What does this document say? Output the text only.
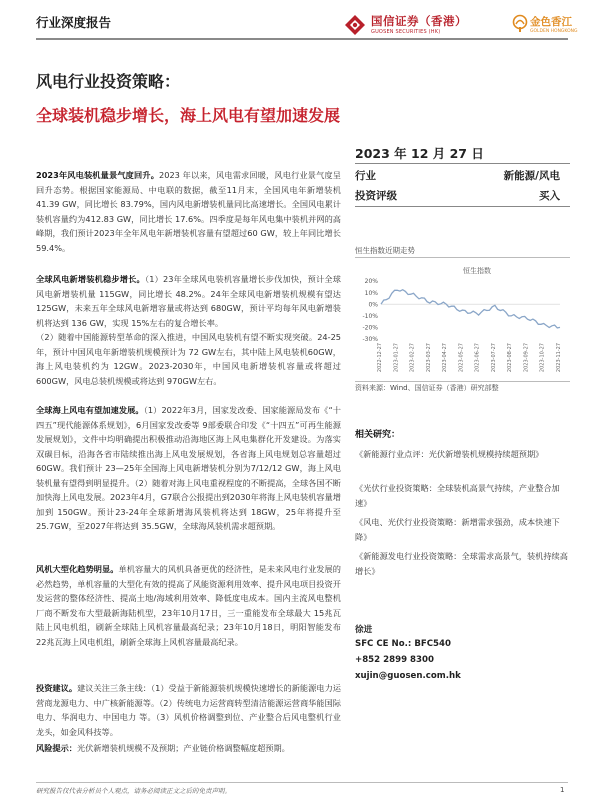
行业深度报告	国信证券（香港）
GUOSEN SECURITIES (HK)
金色香江
GOLDEN HONGKONG
风电行业投资策略：
全球装机稳步增长，海上风电有望加速发展

2023年风电装机量景气度回升。2023 年以来，风电需求回暖，风电行业景气度呈回升态势。根据国家能源局、中电联的数据，截至11月末，全国风电年新增装机41.39 GW，同比增长 83.79%，国内风电新增装机量同比高速增长。全国风电累计装机容量约为412.83 GW，同比增长 17.6%。四季度是每年风电集中装机并网的高峰期，我们预计2023年全年风电年新增装机容量有望超过60 GW，较上年同比增长 59.4%。

全球风电新增装机稳步增长。（1）23年全球风电装机容量增长步伐加快，预计全球风电新增装机量 115GW，同比增长 48.2%。24年全球风电新增装机规模有望达125GW，未来五年全球风电新增容量或将达到 680GW，预计平均每年风电新增装机将达到 136 GW，实现 15%左右的复合增长率。

（2）随着中国能源转型革命的深入推进，中国风电装机有望不断实现突破。24-25年，预计中国风电年新增装机规模预计为 72 GW左右，其中陆上风电装机60GW，海上风电装机约为 12GW。2023-2030年，中国风电新增装机容量或将超过 600GW，风电总装机规模或将达到 970GW左右。

全球海上风电有望加速发展。（1）2022年3月，国家发改委、国家能源局发布《“十四五”现代能源体系规划》，6月国家发改委等 9部委联合印发《“十四五”可再生能源发展规划》，文件中均明确提出积极推动沿海地区海上风电集群化开发建设。为落实双碳目标，沿海各省市陆续推出海上风电发展规划，各省海上风电规划总容量超过 60GW。我们预计 23—25年全国海上风电新增装机分别为7/12/12 GW，海上风电装机量有望得到明显提升。（2）随着对海上风电重视程度的不断提高，全球各国不断加快海上风电发展。2023年4月，G7联合公报提出到2030年将海上风电装机容量增加到 150GW。预计23-24年全球新增海风装机将达到 18GW，25年将提升至25.7GW，至2027年将达到 35.5GW，全球海风装机需求超预期。

风机大型化趋势明显。单机容量大的风机具备更优的经济性，是未来风电行业发展的必然趋势，单机容量的大型化有效的提高了风能资源利用效率、提升风电项目投资开发运营的整体经济性、提高土地/海域利用效率、降低度电成本。国内主流风电整机厂商不断发布大型最新海陆机型，23年10月17日，三一重能发布全球最大 15兆瓦陆上风电机组，刷新全球陆上风机容量最高纪录；23年10月18日，明阳智能发布 22兆瓦海上风电机组，刷新全球海上风机容量最高纪录。

投资建议。建议关注三条主线：（1）受益于新能源装机规模快速增长的新能源电力运营商龙源电力、中广核新能源等。（2）传统电力运营商转型清洁能源运营商华能国际电力、华润电力、中国电力 等。（3）风机价格调整到位、产业整合后风电整机行业龙头，如金风科技等。

风险提示：光伏新增装机规模不及预期；产业链价格调整幅度超预期。

2023 年 12 月 27 日
行业	新能源/风电
投资评级	买入
恒生指数近期走势
恒生指数
20%
10%
0%
-10%
-20%
-30%
2022-12-27 2023-01-27 2023-02-27 2023-03-27 2023-04-27 2023-05-27 2023-06-27 2023-07-27 2023-08-27 2023-09-27 2023-10-27 2023-11-27
资料来源：Wind、国信证券（香港）研究部整
相关研究：
《新能源行业点评：光伏新增装机规模持续超预期》
《光伏行业投资策略：全球装机高景气持续，产业整合加速》
《风电、光伏行业投资策略：新增需求强劲，成本快速下降》
《新能源发电行业投资策略：全球需求高景气，装机持续高增长》
徐进
SFC CE No.: BFC540
+852 2899 8300
xujin@guosen.com.hk
研究报告仅代表分析员个人观点，请务必阅读正文之后的免责声明。	1
